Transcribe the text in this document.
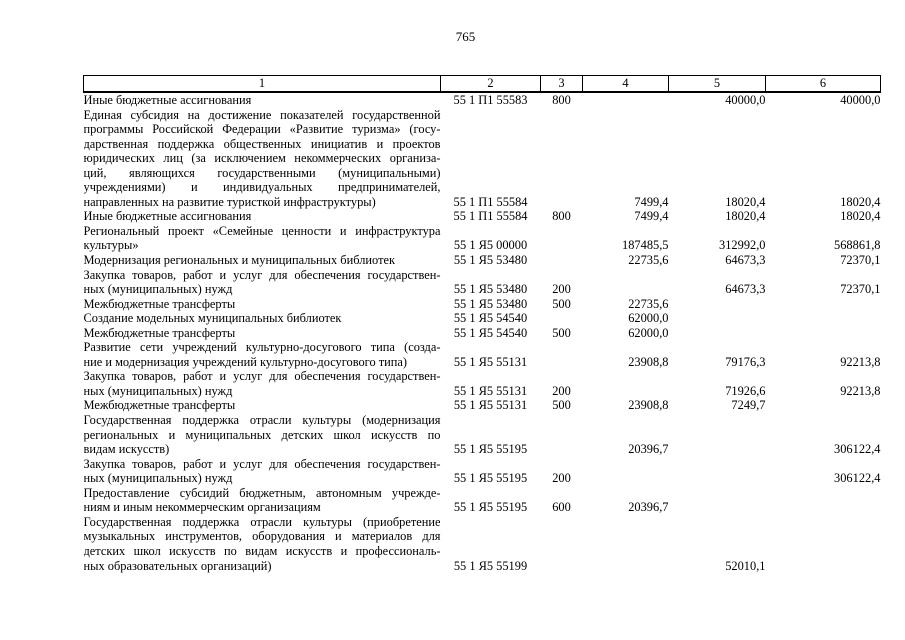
765
1	2	3	4	5	6

Иные бюджетные ассигнования	55 1 П1 55583	800		40000,0	40000,0

Единая субсидия на достижение показателей государственной
программы Российской Федерации «Развитие туризма» (госу-
дарственная поддержка общественных инициатив и проектов
юридических лиц (за исключением некоммерческих организа-
ций, являющихся государственными (муниципальными)
учреждениями) и индивидуальных предпринимателей,
направленных на развитие туристкой инфраструктуры)	55 1 П1 55584		7499,4	18020,4	18020,4

Иные бюджетные ассигнования	55 1 П1 55584	800	7499,4	18020,4	18020,4

Региональный проект «Семейные ценности и инфраструктура
культуры»	55 1 Я5 00000		187485,5	312992,0	568861,8

Модернизация региональных и муниципальных библиотек	55 1 Я5 53480		22735,6	64673,3	72370,1

Закупка товаров, работ и услуг для обеспечения государствен-
ных (муниципальных) нужд	55 1 Я5 53480	200		64673,3	72370,1

Межбюджетные трансферты	55 1 Я5 53480	500	22735,6		

Создание модельных муниципальных библиотек	55 1 Я5 54540		62000,0		

Межбюджетные трансферты	55 1 Я5 54540	500	62000,0		

Развитие сети учреждений культурно-досугового типа (созда-
ние и модернизация учреждений культурно-досугового типа)	55 1 Я5 55131		23908,8	79176,3	92213,8

Закупка товаров, работ и услуг для обеспечения государствен-
ных (муниципальных) нужд	55 1 Я5 55131	200		71926,6	92213,8

Межбюджетные трансферты	55 1 Я5 55131	500	23908,8	7249,7	

Государственная поддержка отрасли культуры (модернизация
региональных и муниципальных детских школ искусств по
видам искусств)	55 1 Я5 55195		20396,7		306122,4

Закупка товаров, работ и услуг для обеспечения государствен-
ных (муниципальных) нужд	55 1 Я5 55195	200			306122,4

Предоставление субсидий бюджетным, автономным учрежде-
ниям и иным некоммерческим организациям	55 1 Я5 55195	600	20396,7		

Государственная поддержка отрасли культуры (приобретение
музыкальных инструментов, оборудования и материалов для
детских школ искусств по видам искусств и профессиональ-
ных образовательных организаций)	55 1 Я5 55199			52010,1	
